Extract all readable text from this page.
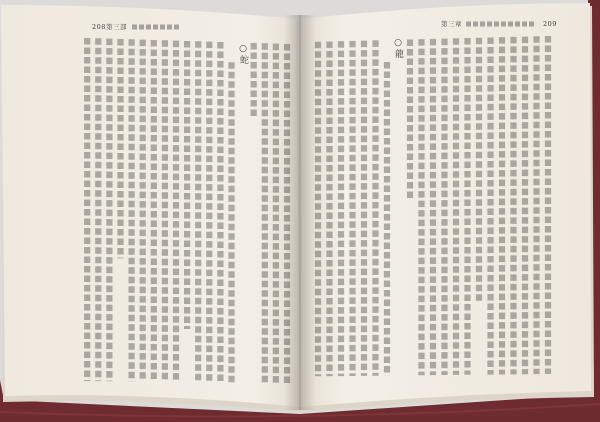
208 第三部	第三章	209
○蛇	○龍
